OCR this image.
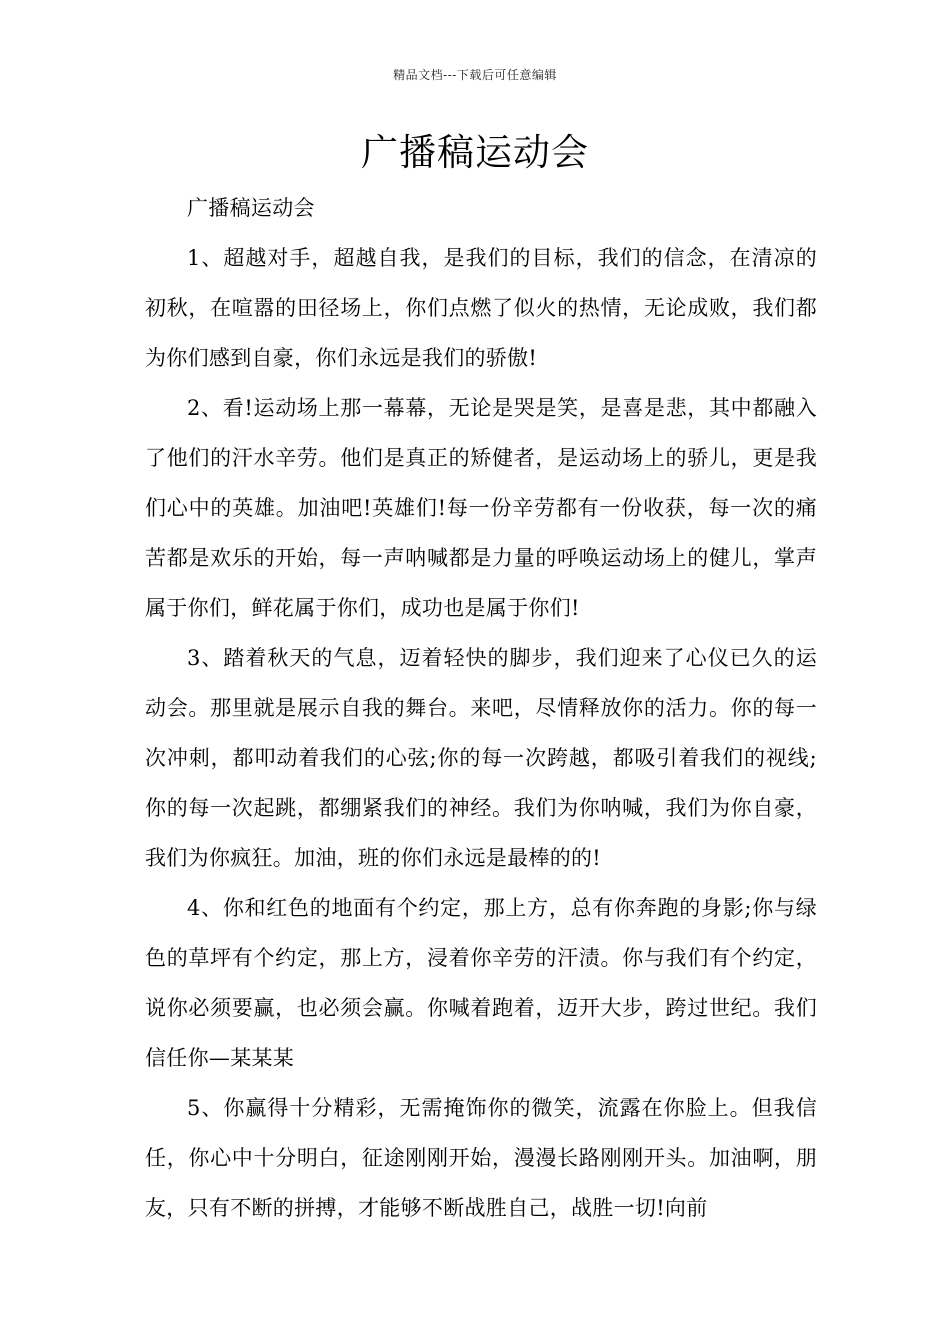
精品文档---下载后可任意编辑
广播稿运动会

广播稿运动会

1、超越对手，超越自我，是我们的目标，我们的信念，在清凉的初秋，在喧嚣的田径场上，你们点燃了似火的热情，无论成败，我们都为你们感到自豪，你们永远是我们的骄傲!

2、看!运动场上那一幕幕，无论是哭是笑，是喜是悲，其中都融入了他们的汗水辛劳。他们是真正的矫健者，是运动场上的骄儿，更是我们心中的英雄。加油吧!英雄们!每一份辛劳都有一份收获，每一次的痛苦都是欢乐的开始，每一声呐喊都是力量的呼唤运动场上的健儿，掌声属于你们，鲜花属于你们，成功也是属于你们!

3、踏着秋天的气息，迈着轻快的脚步，我们迎来了心仪已久的运动会。那里就是展示自我的舞台。来吧，尽情释放你的活力。你的每一次冲刺，都叩动着我们的心弦;你的每一次跨越，都吸引着我们的视线;你的每一次起跳，都绷紧我们的神经。我们为你呐喊，我们为你自豪，我们为你疯狂。加油，班的你们永远是最棒的的!

4、你和红色的地面有个约定，那上方，总有你奔跑的身影;你与绿色的草坪有个约定，那上方，浸着你辛劳的汗渍。你与我们有个约定，说你必须要赢，也必须会赢。你喊着跑着，迈开大步，跨过世纪。我们信任你—某某某

5、你赢得十分精彩，无需掩饰你的微笑，流露在你脸上。但我信任，你心中十分明白，征途刚刚开始，漫漫长路刚刚开头。加油啊，朋友，只有不断的拼搏，才能够不断战胜自己，战胜一切!向前
